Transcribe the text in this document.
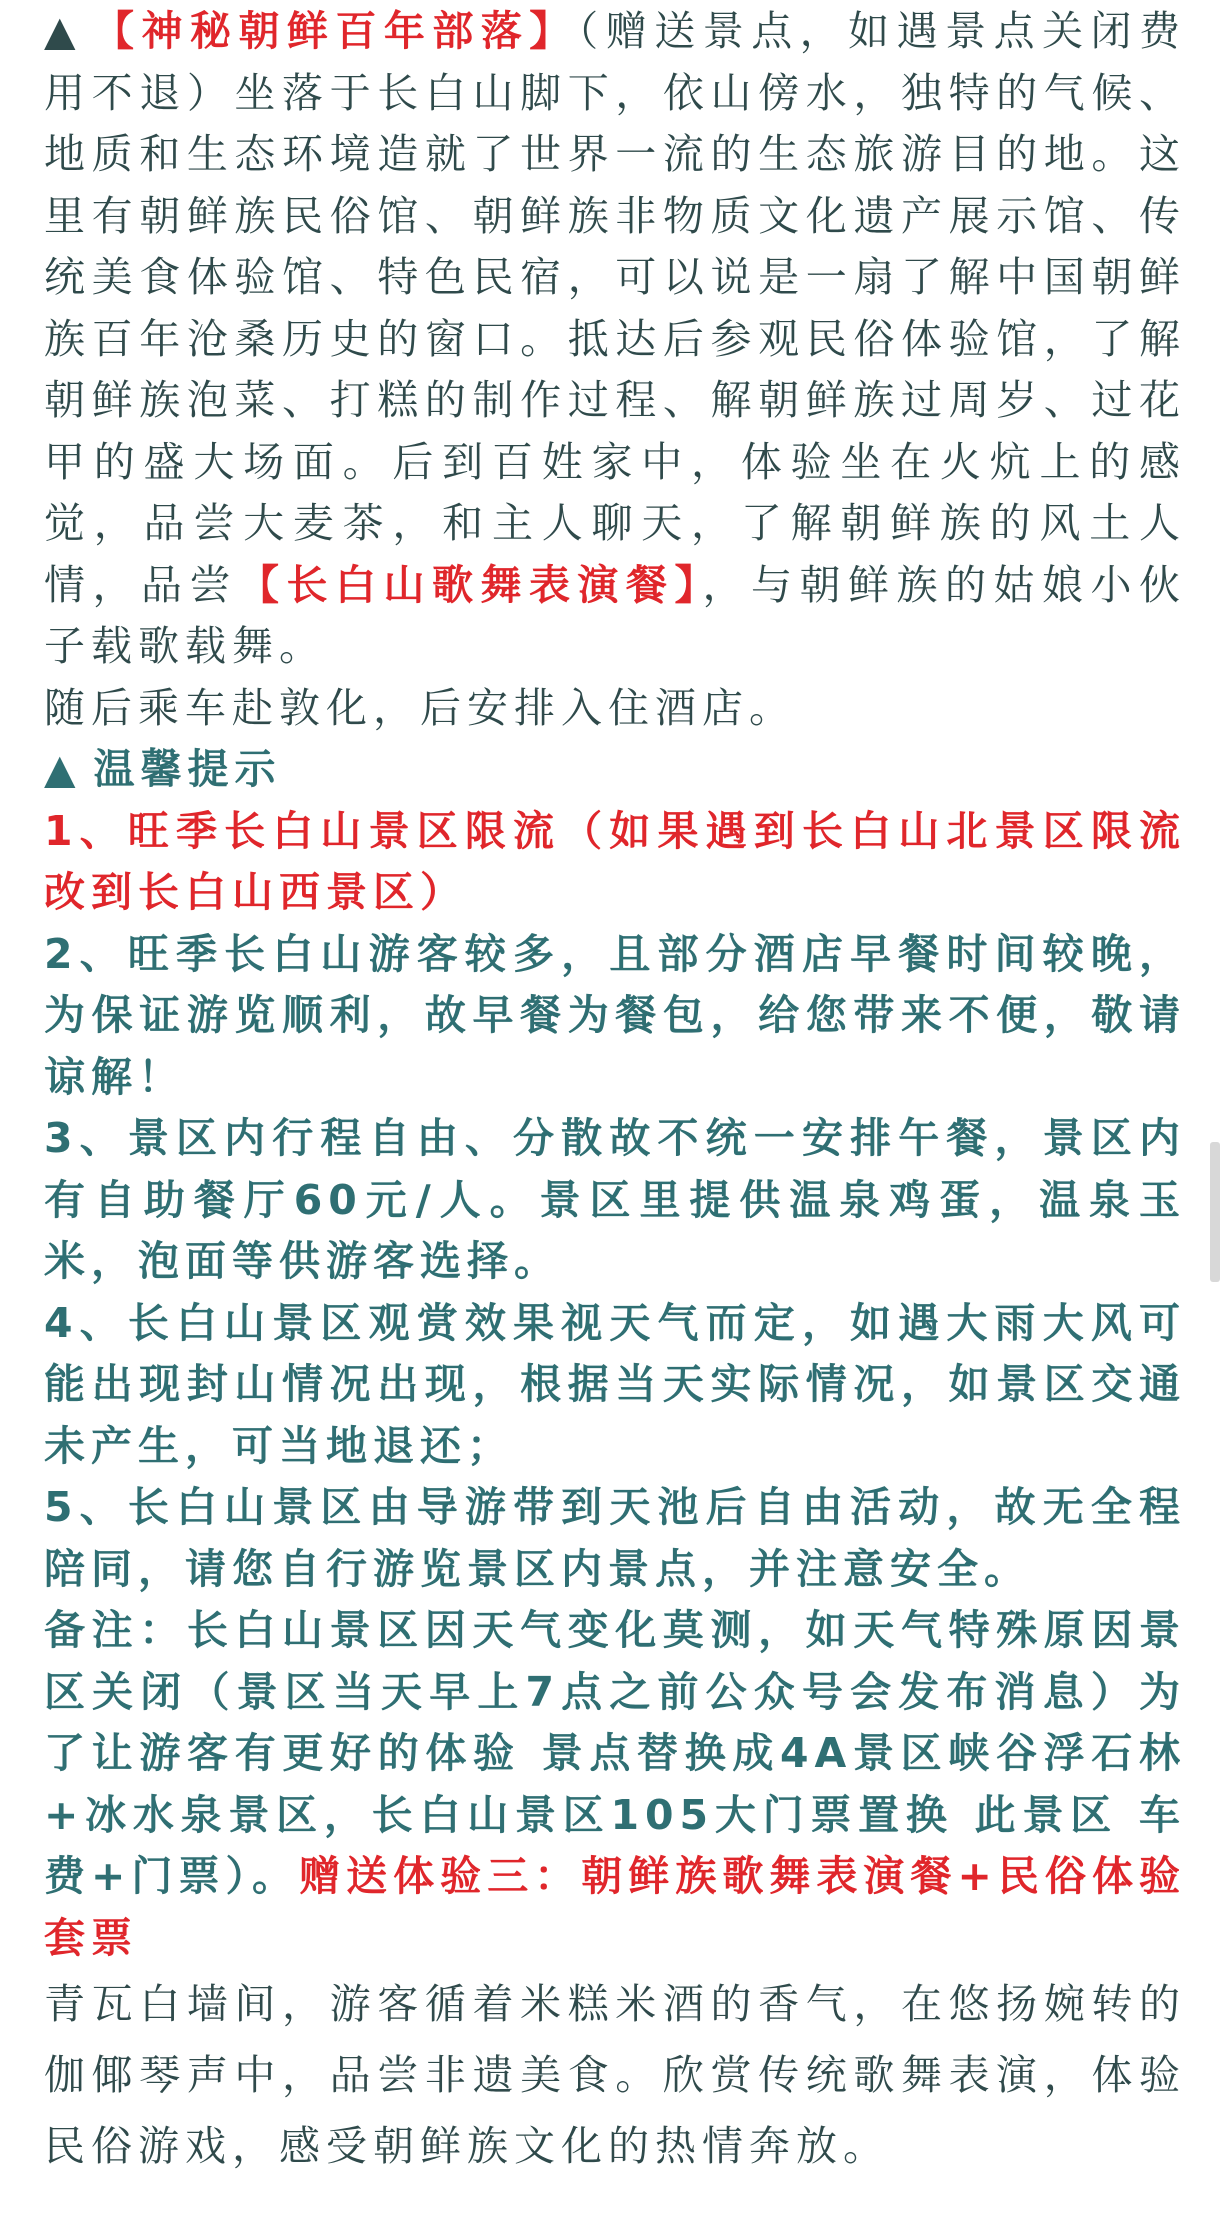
▲ 【神秘朝鲜百年部落】（赠送景点，如遇景点关闭费用不退）坐落于长白山脚下，依山傍水，独特的气候、地质和生态环境造就了世界一流的生态旅游目的地。这里有朝鲜族民俗馆、朝鲜族非物质文化遗产展示馆、传统美食体验馆、特色民宿，可以说是一扇了解中国朝鲜族百年沧桑历史的窗口。抵达后参观民俗体验馆，了解朝鲜族泡菜、打糕的制作过程、解朝鲜族过周岁、过花甲的盛大场面。后到百姓家中，体验坐在火炕上的感觉，品尝大麦茶，和主人聊天，了解朝鲜族的风土人情，品尝【长白山歌舞表演餐】，与朝鲜族的姑娘小伙子载歌载舞。

随后乘车赴敦化，后安排入住酒店。

▲ 温馨提示

1、旺季长白山景区限流（如果遇到长白山北景区限流改到长白山西景区）

2、旺季长白山游客较多，且部分酒店早餐时间较晚，为保证游览顺利，故早餐为餐包，给您带来不便，敬请谅解！

3、景区内行程自由、分散故不统一安排午餐，景区内有自助餐厅60元/人。景区里提供温泉鸡蛋，温泉玉米，泡面等供游客选择。

4、长白山景区观赏效果视天气而定，如遇大雨大风可能出现封山情况出现，根据当天实际情况，如景区交通未产生，可当地退还；

5、长白山景区由导游带到天池后自由活动，故无全程陪同，请您自行游览景区内景点，并注意安全。

备注：长白山景区因天气变化莫测，如天气特殊原因景区关闭（景区当天早上7点之前公众号会发布消息）为了让游客有更好的体验 景点替换成4A景区峡谷浮石林+冰水泉景区，长白山景区105大门票置换 此景区 车费+门票）。赠送体验三：朝鲜族歌舞表演餐+民俗体验套票

青瓦白墙间，游客循着米糕米酒的香气，在悠扬婉转的伽倻琴声中，品尝非遗美食。欣赏传统歌舞表演，体验民俗游戏，感受朝鲜族文化的热情奔放。
